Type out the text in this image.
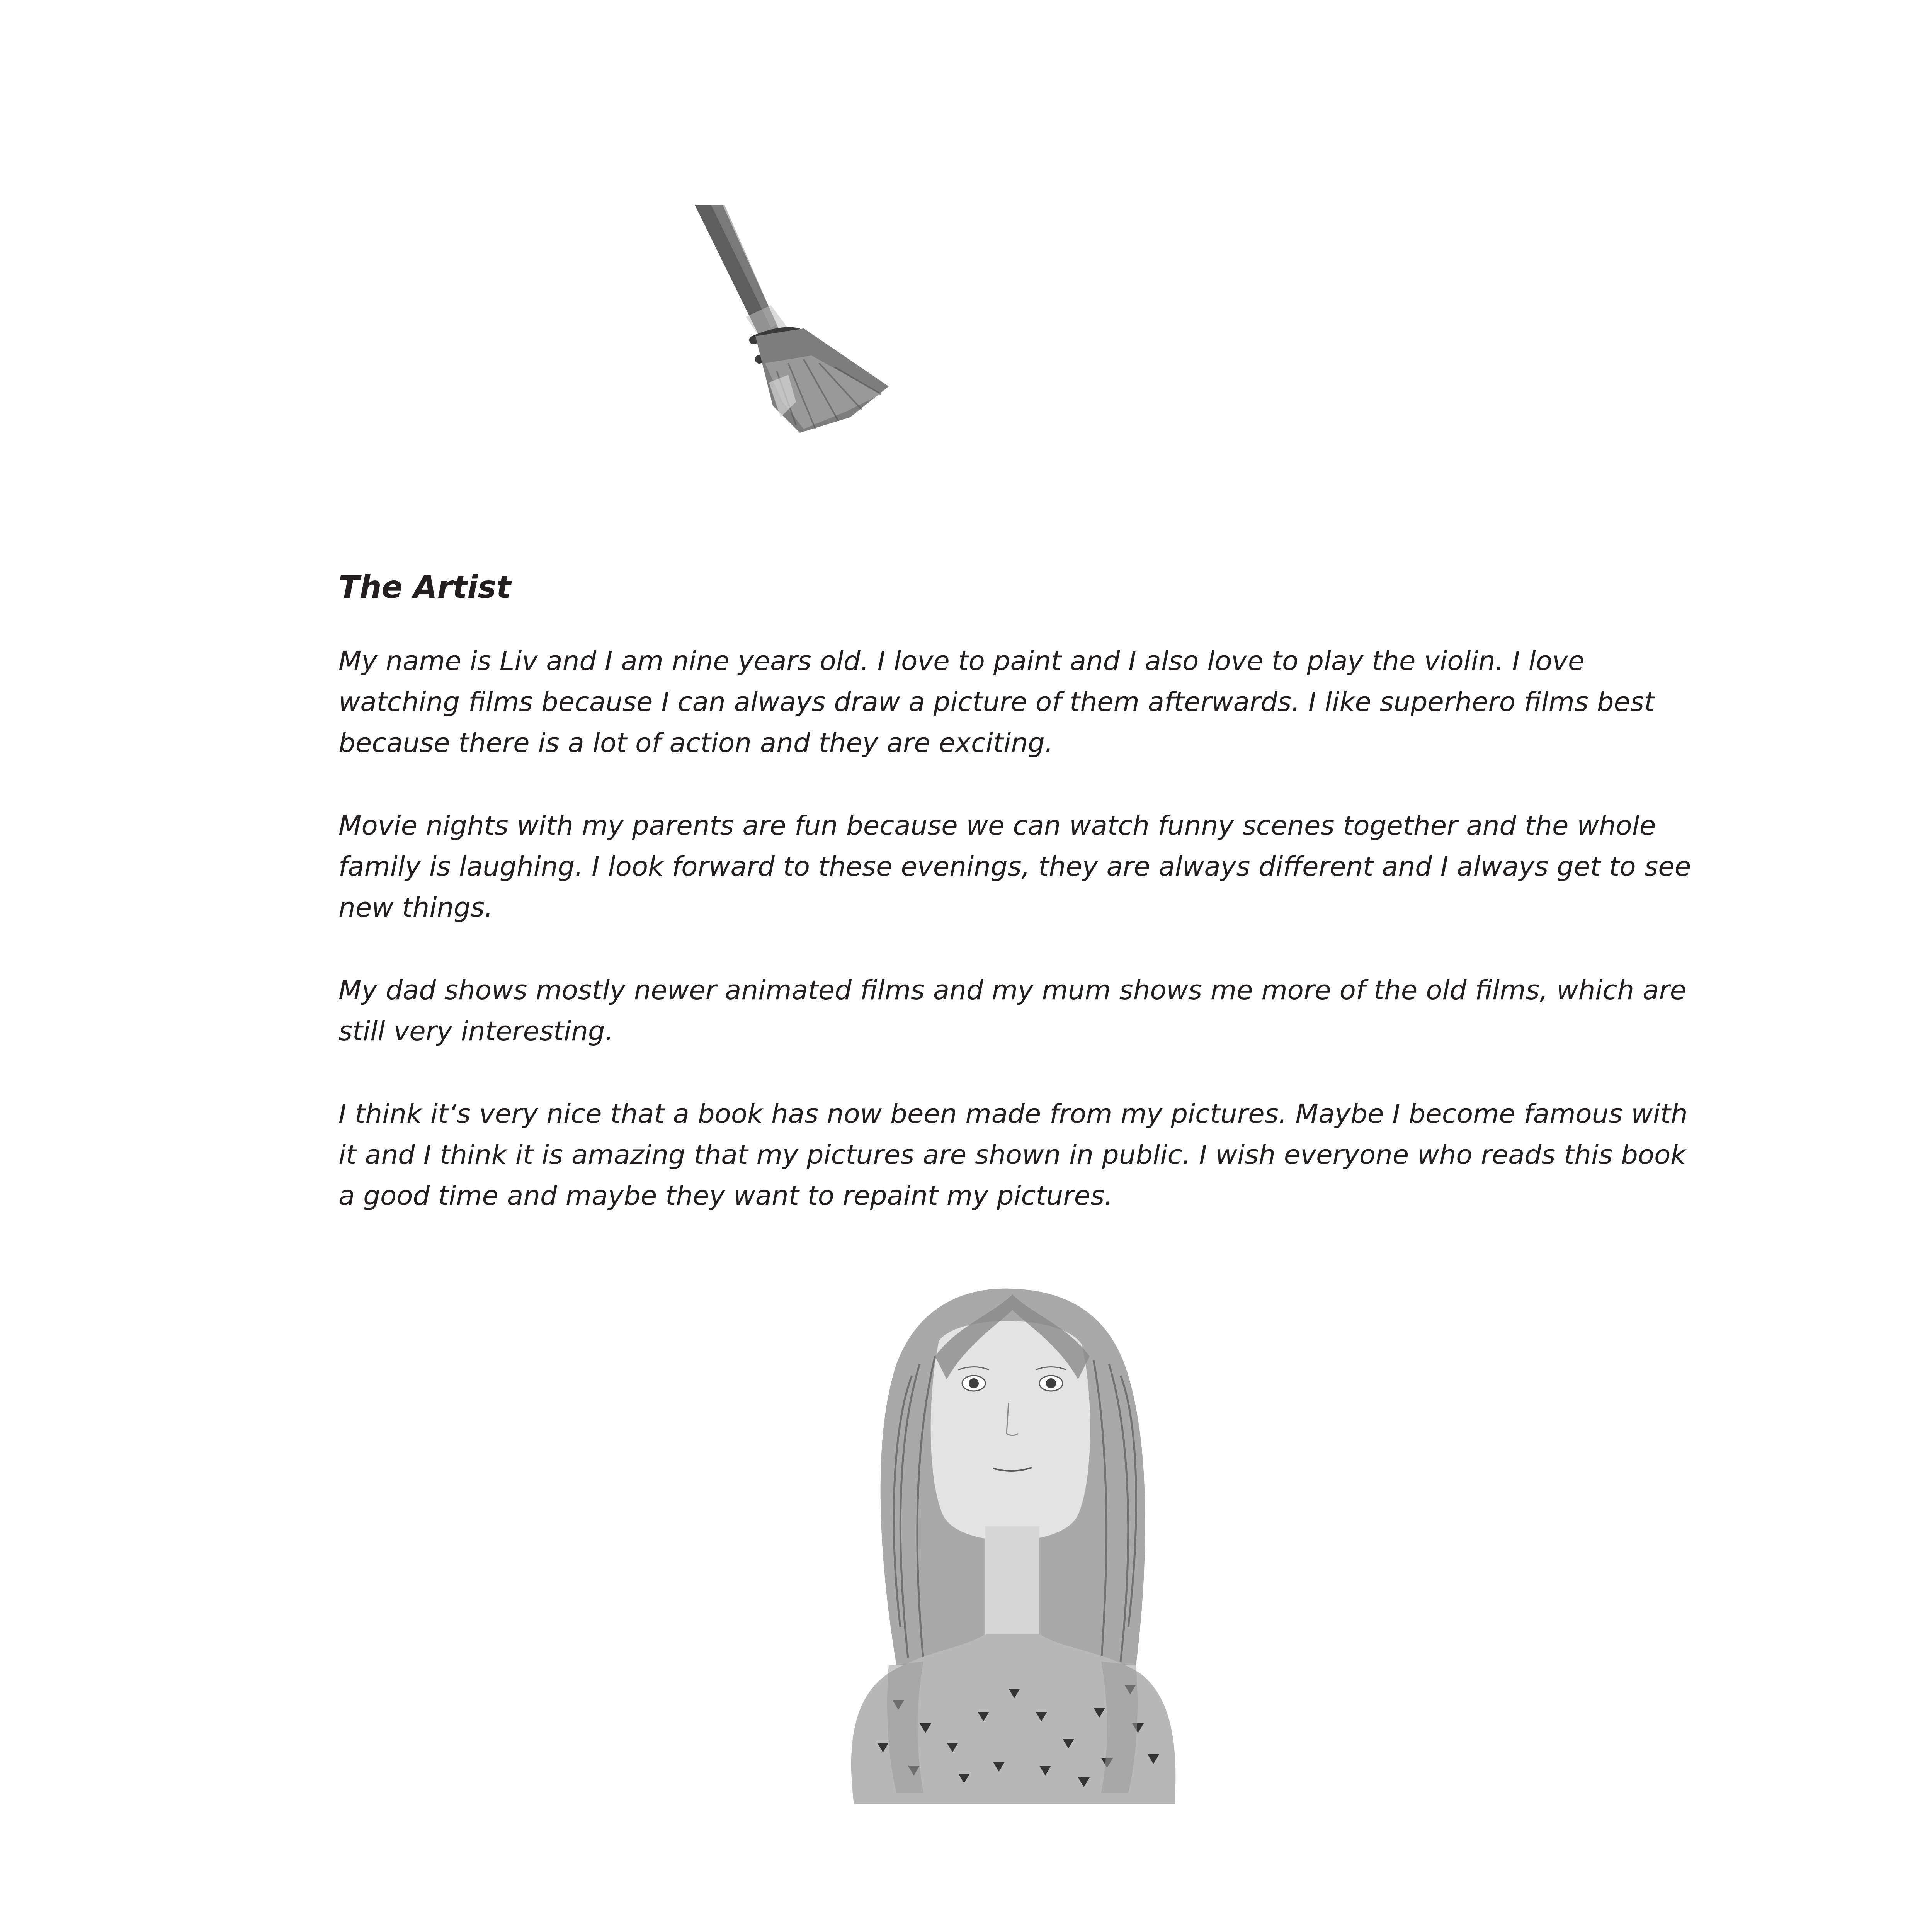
The Artist

My name is Liv and I am nine years old. I love to paint and I also love to play the violin. I love watching films because I can always draw a picture of them afterwards. I like superhero films best because there is a lot of action and they are exciting.

Movie nights with my parents are fun because we can watch funny scenes together and the whole family is laughing. I look forward to these evenings, they are always different and I always get to see new things.

My dad shows mostly newer animated films and my mum shows me more of the old films, which are still very interesting.

I think it‘s very nice that a book has now been made from my pictures. Maybe I become famous with it and I think it is amazing that my pictures are shown in public. I wish everyone who reads this book a good time and maybe they want to repaint my pictures.
